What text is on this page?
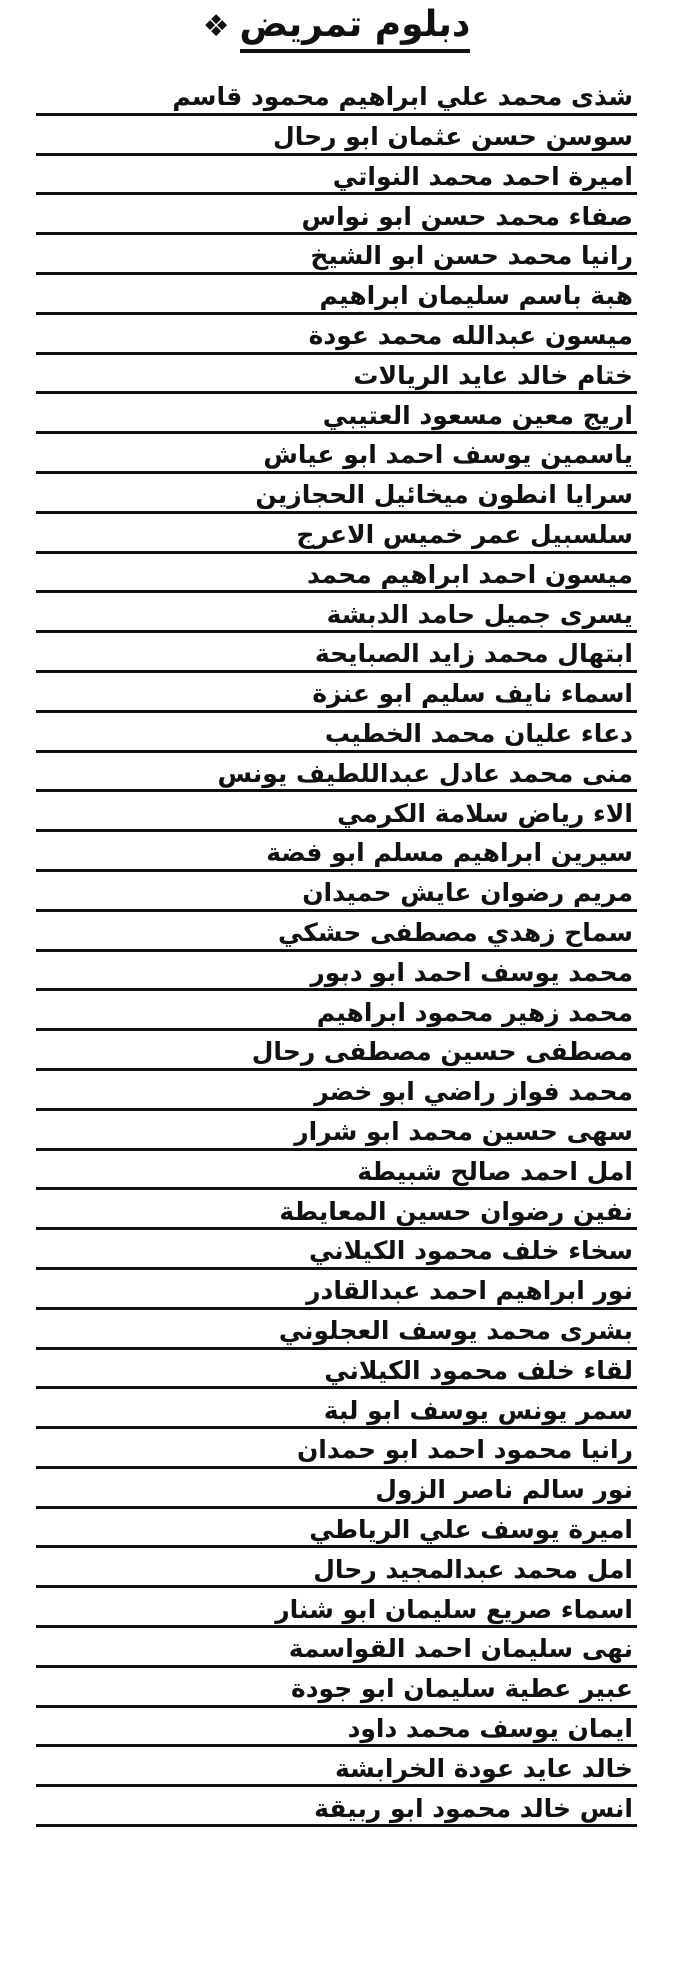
دبلوم تمريض
❖
شذى محمد علي ابراهيم محمود قاسم
سوسن حسن عثمان ابو رحال
اميرة احمد محمد النواتي
صفاء محمد حسن ابو نواس
رانيا محمد حسن ابو الشيخ
هبة باسم سليمان ابراهيم
ميسون عبدالله محمد عودة
ختام خالد عايد الريالات
اريج معين مسعود العتيبي
ياسمين يوسف احمد ابو عياش
سرايا انطون ميخائيل الحجازين
سلسبيل عمر خميس الاعرج
ميسون احمد ابراهيم محمد
يسرى جميل حامد الدبشة
ابتهال محمد زايد الصبايحة
اسماء نايف سليم ابو عنزة
دعاء عليان محمد الخطيب
منى محمد عادل عبداللطيف يونس
الاء رياض سلامة الكرمي
سيرين ابراهيم مسلم ابو فضة
مريم رضوان عايش حميدان
سماح زهدي مصطفى حشكي
محمد يوسف احمد ابو دبور
محمد زهير محمود ابراهيم
مصطفى حسين مصطفى رحال
محمد فواز راضي ابو خضر
سهى حسين محمد ابو شرار
امل احمد صالح شبيطة
نفين رضوان حسين المعايطة
سخاء خلف محمود الكيلاني
نور ابراهيم احمد عبدالقادر
بشرى محمد يوسف العجلوني
لقاء خلف محمود الكيلاني
سمر يونس يوسف ابو لبة
رانيا محمود احمد ابو حمدان
نور سالم ناصر الزول
اميرة يوسف علي الرياطي
امل محمد عبدالمجيد رحال
اسماء صريع سليمان ابو شنار
نهى سليمان احمد القواسمة
عبير عطية سليمان ابو جودة
ايمان يوسف محمد داود
خالد عايد عودة الخرابشة
انس خالد محمود ابو ربيقة
